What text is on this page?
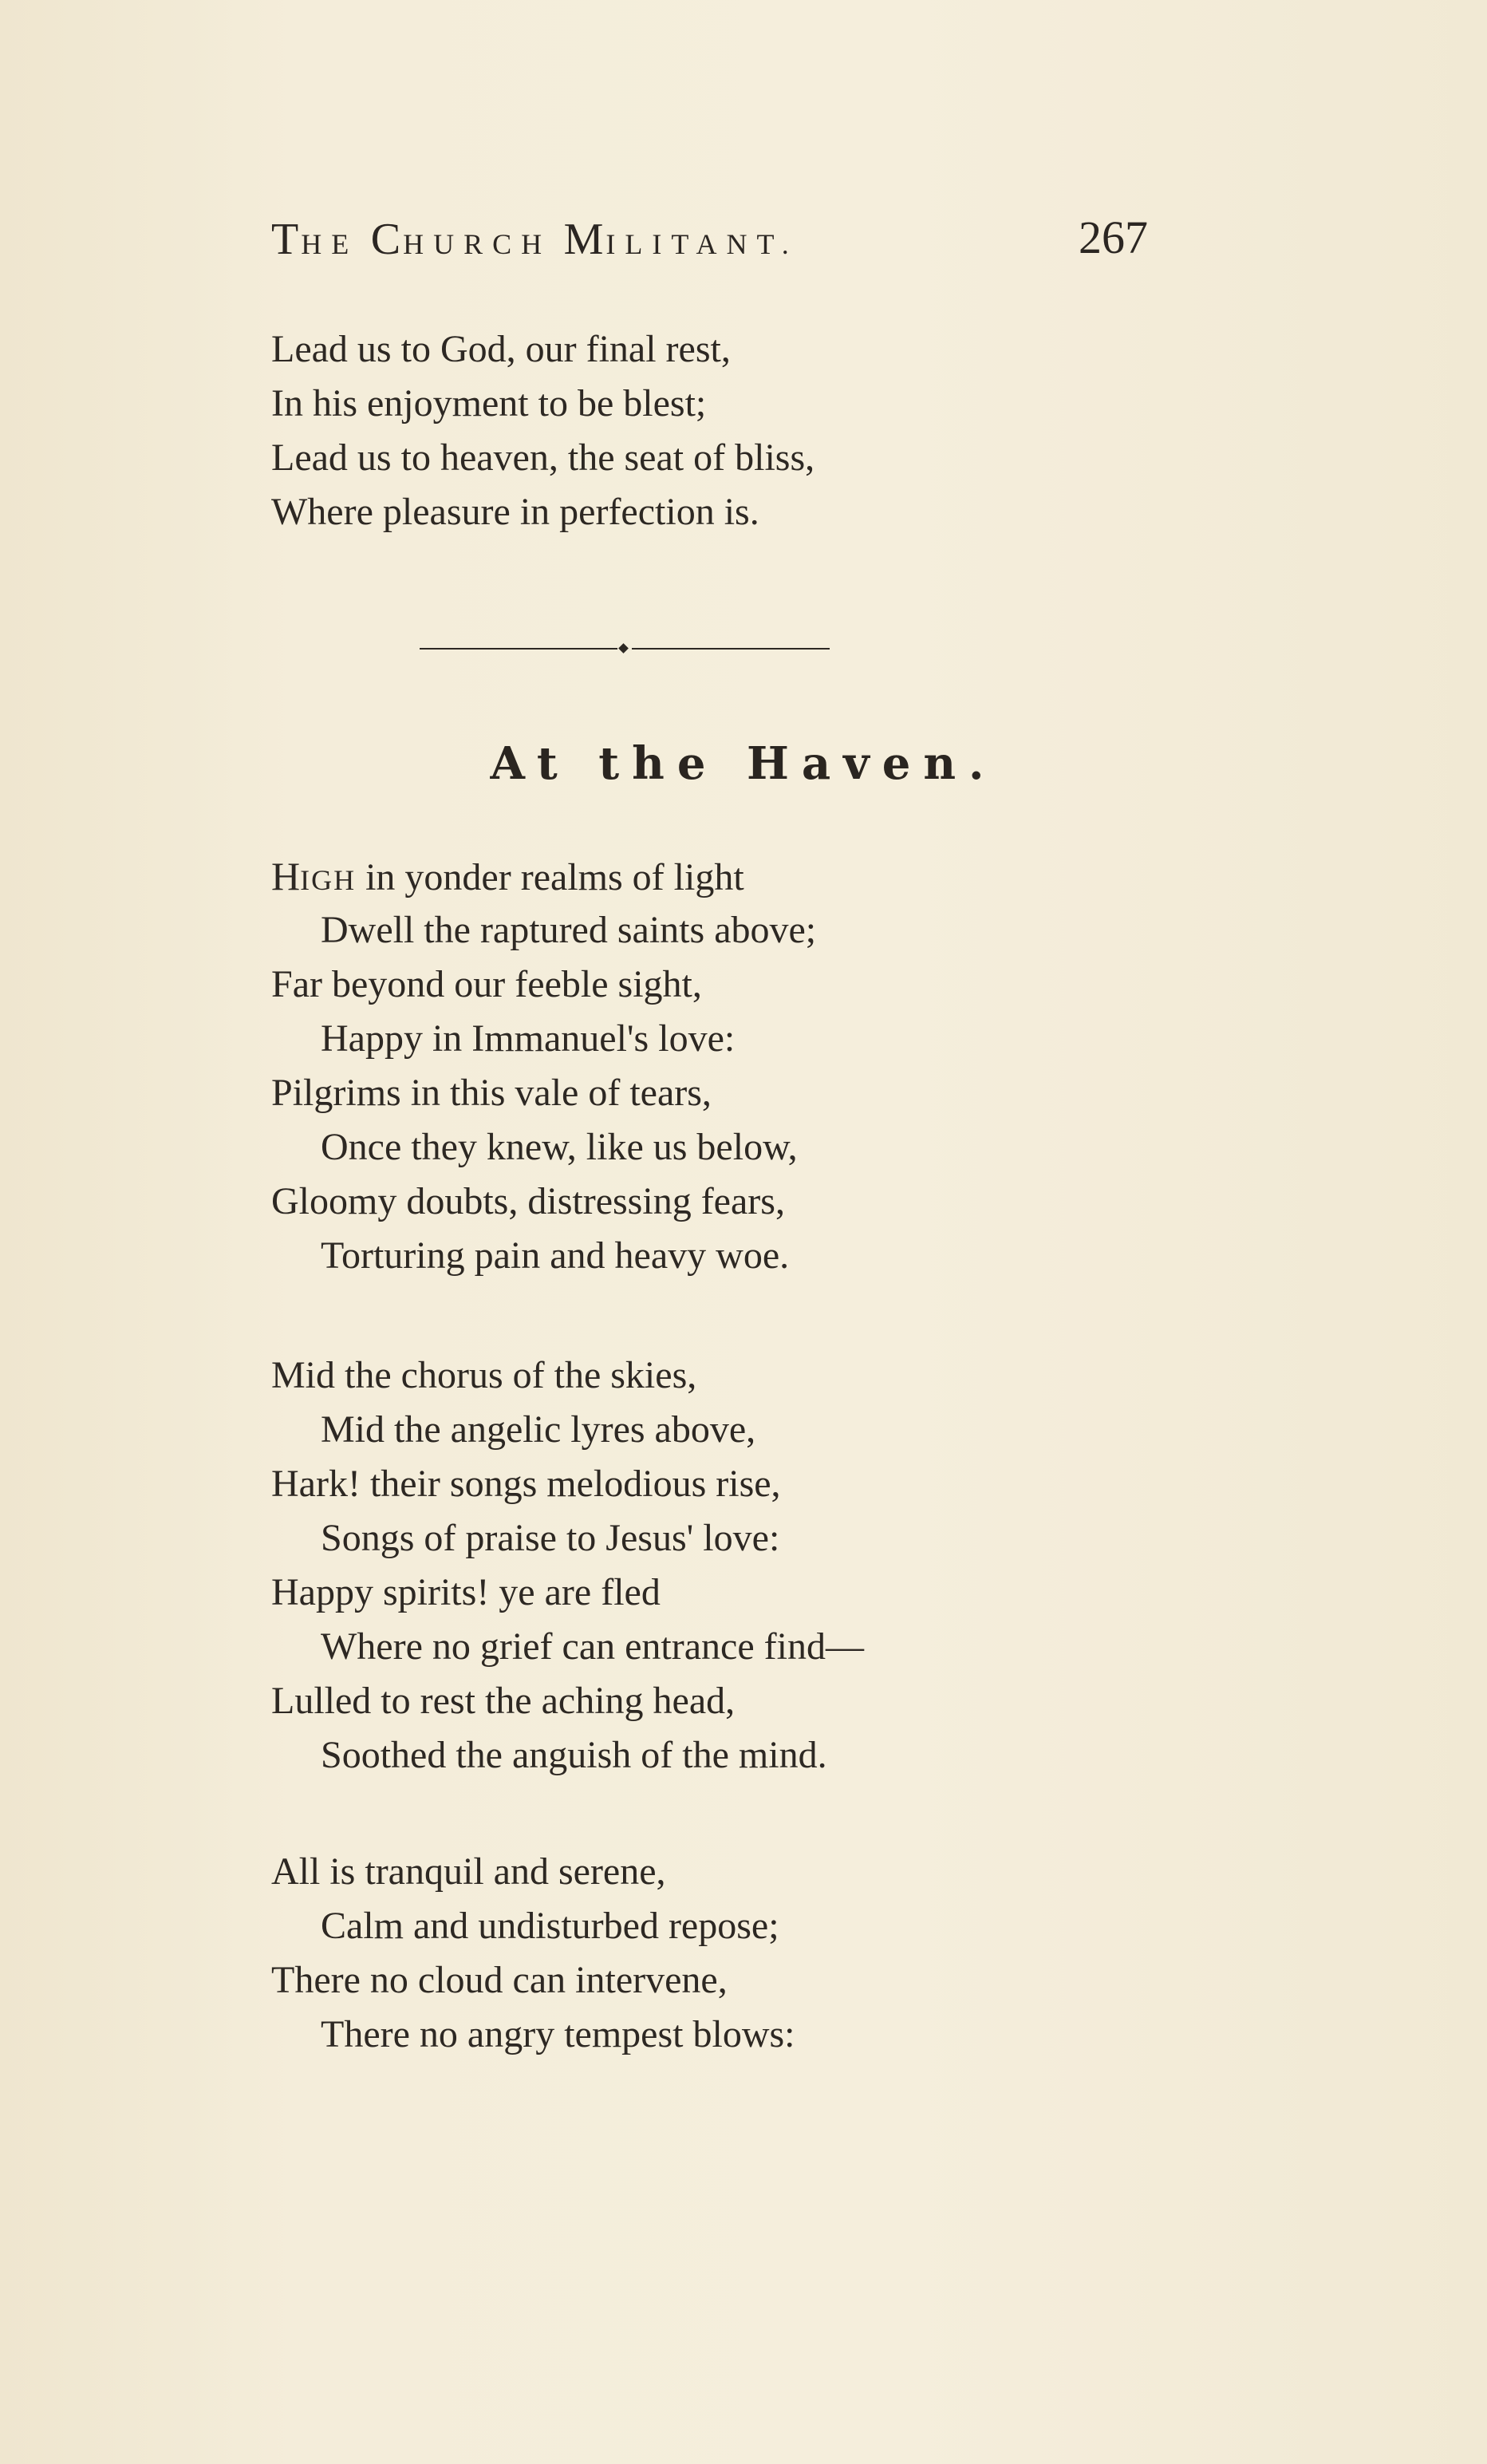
THE CHURCH MILITANT.	267
Lead us to God, our final rest,
In his enjoyment to be blest;
Lead us to heaven, the seat of bliss,
Where pleasure in perfection is.
At the Haven.
HIGH in yonder realms of light
Dwell the raptured saints above;
Far beyond our feeble sight,
Happy in Immanuel's love:
Pilgrims in this vale of tears,
Once they knew, like us below,
Gloomy doubts, distressing fears,
Torturing pain and heavy woe.
Mid the chorus of the skies,
Mid the angelic lyres above,
Hark! their songs melodious rise,
Songs of praise to Jesus' love:
Happy spirits! ye are fled
Where no grief can entrance find—
Lulled to rest the aching head,
Soothed the anguish of the mind.
All is tranquil and serene,
Calm and undisturbed repose;
There no cloud can intervene,
There no angry tempest blows:
